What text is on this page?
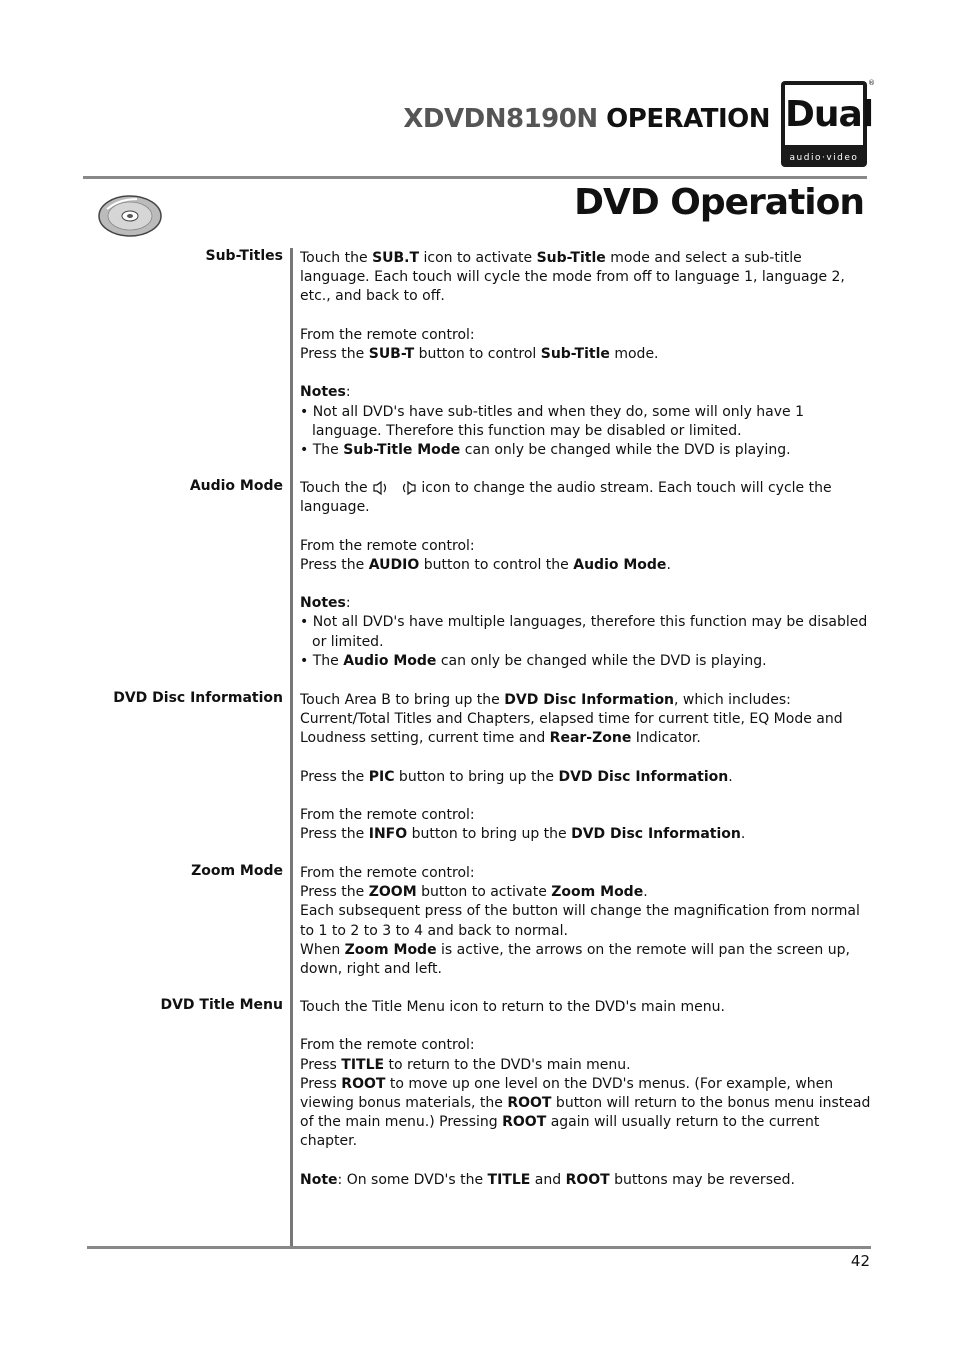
XDVDN8190N OPERATION Dual
audio·video
®
DVD Operation
Sub-Titles Touch the SUB.T icon to activate Sub-Title mode and select a sub-title language. Each touch will cycle the mode from off to language 1, language 2, etc., and back to off.

From the remote control:

Press the SUB-T button to control Sub-Title mode.

Notes:

• Not all DVD's have sub-titles and when they do, some will only have 1 language. Therefore this function may be disabled or limited.

• The Sub-Title Mode can only be changed while the DVD is playing.

Audio Mode Touch the	icon to change the audio stream. Each touch will cycle the language.

From the remote control:

Press the AUDIO button to control the Audio Mode.

Notes:

• Not all DVD's have multiple languages, therefore this function may be disabled or limited.

• The Audio Mode can only be changed while the DVD is playing.

DVD Disc Information Touch Area B to bring up the DVD Disc Information, which includes:

Current/Total Titles and Chapters, elapsed time for current title, EQ Mode and Loudness setting, current time and Rear-Zone Indicator.

Press the PIC button to bring up the DVD Disc Information.

From the remote control:

Press the INFO button to bring up the DVD Disc Information.

Zoom Mode From the remote control:

Press the ZOOM button to activate Zoom Mode.

Each subsequent press of the button will change the magnification from normal to 1 to 2 to 3 to 4 and back to normal.

When Zoom Mode is active, the arrows on the remote will pan the screen up, down, right and left.

DVD Title Menu Touch the Title Menu icon to return to the DVD's main menu.

From the remote control:

Press TITLE to return to the DVD's main menu.

Press ROOT to move up one level on the DVD's menus. (For example, when viewing bonus materials, the ROOT button will return to the bonus menu instead of the main menu.) Pressing ROOT again will usually return to the current chapter.

Note: On some DVD's the TITLE and ROOT buttons may be reversed.

42
